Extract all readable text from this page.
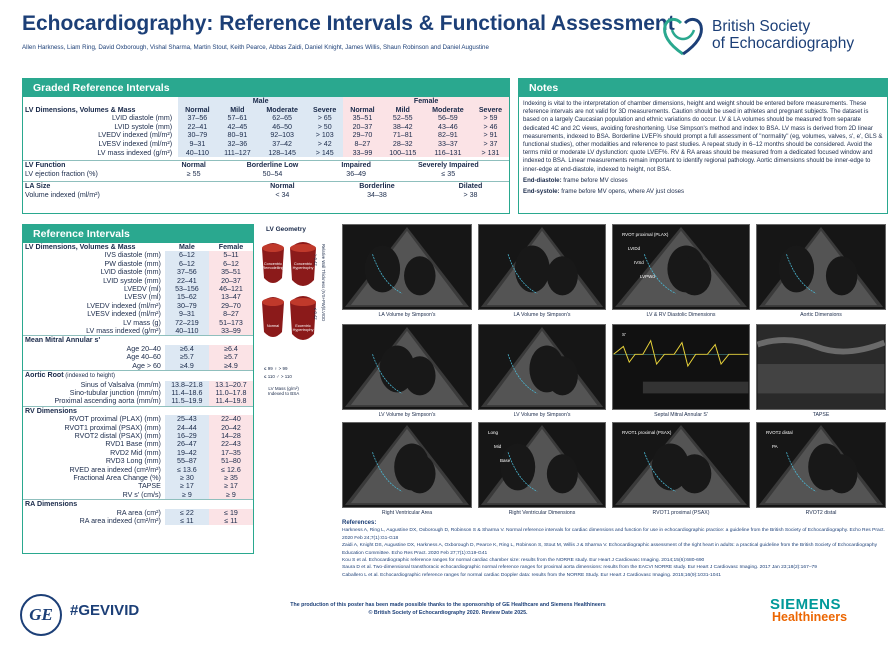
Echocardiography: Reference Intervals & Functional Assessment
Allen Harkness, Liam Ring, David Oxborough, Vishal Sharma, Martin Stout, Keith Pearce, Abbas Zaidi, Daniel Knight, James Willis, Shaun Robinson and Daniel Augustine
British Society
of Echocardiography
Graded Reference Intervals
	Male				Female			
LV Dimensions, Volumes & Mass	Normal	Mild	Moderate	Severe	Normal	Mild	Moderate	Severe
LVID diastole (mm)	37–56	57–61	62–65	> 65	35–51	52–55	56–59	> 59
LVID systole (mm)	22–41	42–45	46–50	> 50	20–37	38–42	43–46	> 46
LVEDV indexed (ml/m²)	30–79	80–91	92–103	> 103	29–70	71–81	82–91	> 91
LVESV indexed (ml/m²)	9–31	32–36	37–42	> 42	8–27	28–32	33–37	> 37
LV mass indexed (g/m²)	40–110	111–127	128–145	> 145	33–99	100–115	116–131	> 131
LV Function	Normal	Borderline Low	Impaired	Severely Impaired
LV ejection fraction (%)	≥ 55	50–54	36–49	≤ 35
LA Size	Normal	Borderline	Dilated
Volume indexed (ml/m²)	< 34	34–38	> 38
Notes

Indexing is vital to the interpretation of chamber dimensions, height and weight should be entered before measurements. These reference intervals are not valid for 3D measurements. Caution should be used in athletes and pregnant subjects. The dataset is based on a largely Caucasian population and ethnic variations do occur. LV & LA volumes should be measured from separate dedicated 4C and 2C views, avoiding foreshortening. Use Simpson's method and index to BSA. LV mass is derived from 2D linear measurements, indexed to BSA. Borderline LVEF% should prompt a full assessment of "normality" (eg, volumes, valves, s', e', GLS & functional studies), other modalities and reference to past studies. A repeat study in 6–12 months should be considered. Avoid the terms mild or moderate LV dysfunction: quote LVEF%. RV & RA areas should be measured from a dedicated focused window and indexed to BSA. Linear measurements remain important to identify regional pathology. Aortic dimensions should be inner-edge to inner-edge at end-diastole, indexed to height, not BSA.

End-diastole: frame before MV closes

End-systole: frame before MV opens, where AV just closes

Reference Intervals
LV Dimensions, Volumes & Mass	Male	Female
IVS diastole (mm)	6–12	5–11
PW diastole (mm)	6–12	6–12
LVID diastole (mm)	37–56	35–51
LVID systole (mm)	22–41	20–37
LVEDV (ml)	53–156	46–121
LVESV (ml)	15–62	13–47
LVEDV indexed (ml/m²)	30–79	29–70
LVESV indexed (ml/m²)	9–31	8–27
LV mass (g)	72–219	51–173
LV mass indexed (g/m²)	40–110	33–99
Mean Mitral Annular s'		
Age 20–40	≥6.4	≥6.4
Age 40–60	≥5.7	≥5.7
Age > 60	≥4.9	≥4.9
Aortic Root (indexed to height)		
Sinus of Valsalva (mm/m)	13.8–21.8	13.1–20.7
Sino-tubular junction (mm/m)	11.4–18.6	11.0–17.8
Proximal ascending aorta (mm/m)	11.5–19.9	11.4–19.8
RV Dimensions		
RVOT proximal (PLAX) (mm)	25–43	22–40
RVOT1 proximal (PSAX) (mm)	24–44	20–42
RVOT2 distal (PSAX) (mm)	16–29	14–28
RVD1 Base (mm)	26–47	22–43
RVD2 Mid (mm)	19–42	17–35
RVD3 Long (mm)	55–87	51–80
RVED area indexed (cm²/m²)	≤ 13.6	≤ 12.6
Fractional Area Change (%)	≥ 30	≥ 35
TAPSE	≥ 17	≥ 17
RV s' (cm/s)	≥ 9	≥ 9
RA Dimensions		
RA area (cm²)	≤ 22	≤ 19
RA area indexed (cm²/m²)	≤ 11	≤ 11
LV Geometry
Concentric Remodelling
Concentric Hypertrophy
Normal	Eccentric Hypertrophy
Relative Wall Thickness (IVS+PW)/LVIDD
> 0.42
≤ 0.42
≤ 99 ♀ > 99
≤ 110 ♂ > 110
LV Mass (g/m²)
Indexed to BSA
LA Volume by Simpson's	LA Volume by Simpson's
RVOT proximal (PLAX)
LVIDd
IVSd
LVPWd
LV & RV Diastolic Dimensions	Aortic Dimensions
LV Volume by Simpson's	LV Volume by Simpson's
S'
Septal Mitral Annular S'	TAPSE
Right Ventricular Area
Long
Mid
Base
Right Ventricular Dimensions
RVOT1 proximal (PSAX)
RVOT1 proximal (PSAX)
RVOT2 distal
PA
RVOT2 distal
References:
Harkness A, Ring L, Augustine DX, Oxborough D, Robinson S & Sharma V. Normal reference intervals for cardiac dimensions and function for use in echocardiographic practice: a guideline from the British Society of Echocardiography. Echo Res Pract. 2020 Feb 24;7(1):G1-G18
Zaidi A, Knight DS, Augustine DX, Harkness A, Oxborough D, Pearce K, Ring L, Robinson S, Stout M, Willis J & Sharma V. Echocardiographic assessment of the right heart in adults: a practical guideline from the British Society of Echocardiography Education Committee. Echo Res Pract. 2020 Feb 27;7(1):G19-G41
Kou S et al. Echocardiographic reference ranges for normal cardiac chamber size: results from the NORRE study. Eur Heart J Cardiovasc Imaging. 2014;15(6):680-690
Saura D et al. Two-dimensional transthoracic echocardiographic normal reference ranges for proximal aorta dimensions: results from the EACVI NORRE study. Eur Heart J Cardiovasc Imaging. 2017 Jan 23;18(2):167–79
Caballero L et al. Echocardiographic reference ranges for normal cardiac Doppler data: results from the NORRE Study. Eur Heart J Cardiovasc Imaging. 2015;16(9):1031-1041
The production of this poster has been made possible thanks to the sponsorship of GE Healthcare and Siemens Healthineers
© British Society of Echocardiography 2020. Review Date 2025.
GE	#GEVIVID	SIEMENS
Healthineers
